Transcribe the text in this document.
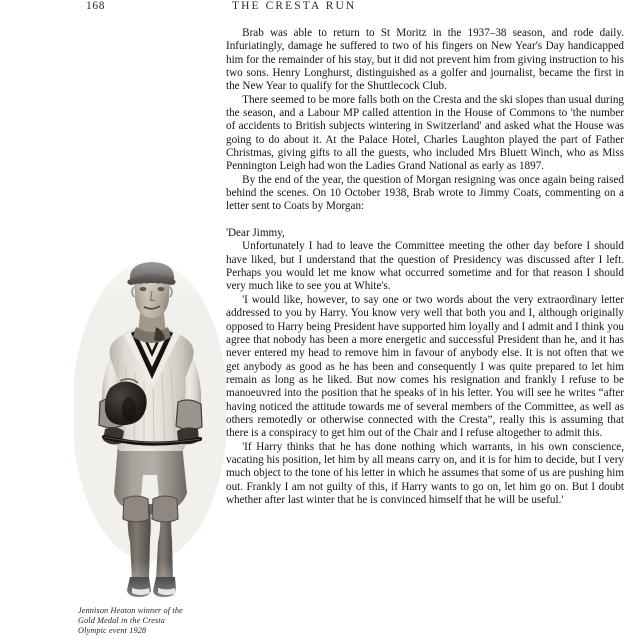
168	THE CRESTA RUN

Brab was able to return to St Moritz in the 1937–38 season, and rode daily. Infuriatingly, damage he suffered to two of his fingers on New Year's Day handicapped him for the remainder of his stay, but it did not prevent him from giving instruction to his two sons. Henry Longhurst, distinguished as a golfer and journalist, became the first in the New Year to qualify for the Shuttlecock Club.

There seemed to be more falls both on the Cresta and the ski slopes than usual during the season, and a Labour MP called attention in the House of Commons to 'the number of accidents to British subjects wintering in Switzerland' and asked what the House was going to do about it. At the Palace Hotel, Charles Laughton played the part of Father Christmas, giving gifts to all the guests, who included Mrs Bluett Winch, who as Miss Pennington Leigh had won the Ladies Grand National as early as 1897.

By the end of the year, the question of Morgan resigning was once again being raised behind the scenes. On 10 October 1938, Brab wrote to Jimmy Coats, commenting on a letter sent to Coats by Morgan:

'Dear Jimmy,

Unfortunately I had to leave the Committee meeting the other day before I should have liked, but I understand that the question of Presidency was discussed after I left. Perhaps you would let me know what occurred sometime and for that reason I should very much like to see you at White's.

'I would like, however, to say one or two words about the very extraordinary letter addressed to you by Harry. You know very well that both you and I, although originally opposed to Harry being President have supported him loyally and I admit and I think you agree that nobody has been a more energetic and successful President than he, and it has never entered my head to remove him in favour of anybody else. It is not often that we get anybody as good as he has been and consequently I was quite prepared to let him remain as long as he liked. But now comes his resignation and frankly I refuse to be manoeuvred into the position that he speaks of in his letter. You will see he writes “after having noticed the attitude towards me of several members of the Committee, as well as others remotedly or otherwise connected with the Cresta”, really this is assuming that there is a conspiracy to get him out of the Chair and I refuse altogether to admit this.

'If Harry thinks that he has done nothing which warrants, in his own conscience, vacating his position, let him by all means carry on, and it is for him to decide, but I very much object to the tone of his letter in which he assumes that some of us are pushing him out. Frankly I am not guilty of this, if Harry wants to go on, let him go on. But I doubt whether after last winter that he is convinced himself that he will be useful.'

Jennison Heaton winner of the
Gold Medal in the Cresta
Olympic event 1928
